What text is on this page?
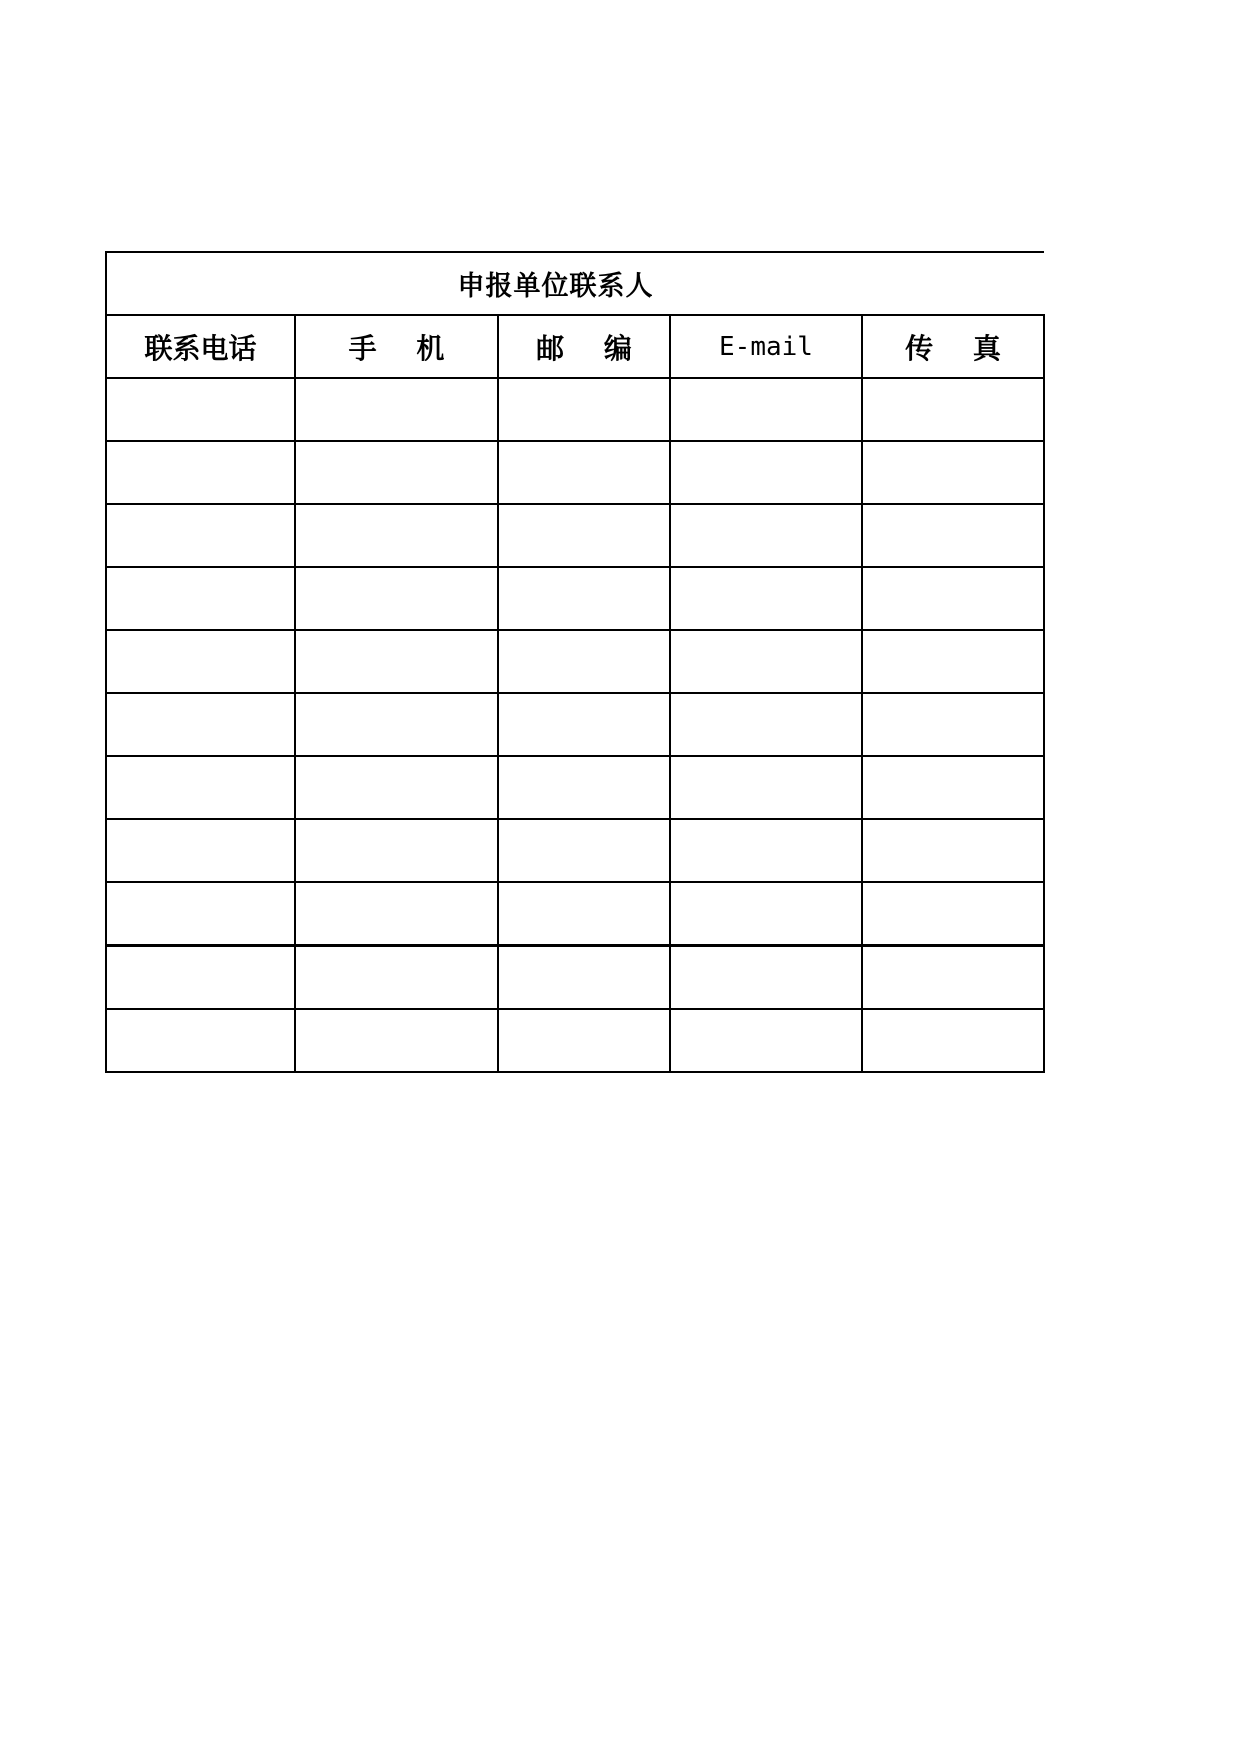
申报单位联系人				
联系电话	手 机	邮 编	E-mail	传 真
